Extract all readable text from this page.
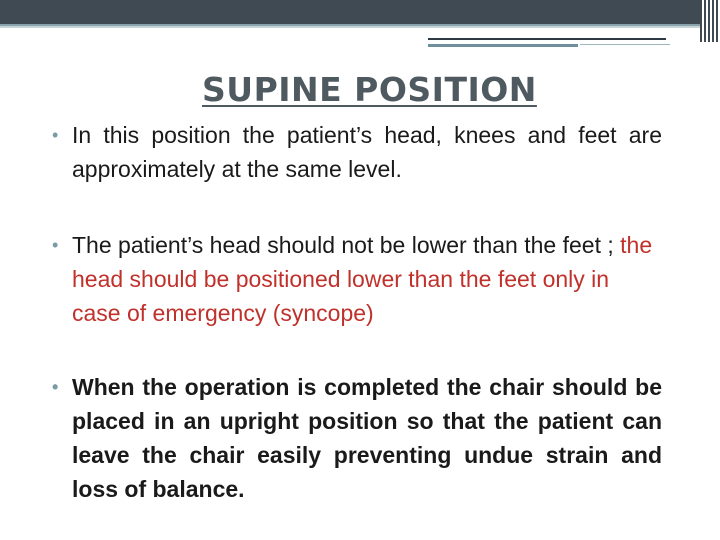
SUPINE POSITION
• In this position the patient’s head, knees and feet are approximately at the same level.
• The patient’s head should not be lower than the feet ; the head should be positioned lower than the feet only in case of emergency (syncope)
• When the operation is completed the chair should be placed in an upright position so that the patient can leave the chair easily preventing undue strain and loss of balance.
